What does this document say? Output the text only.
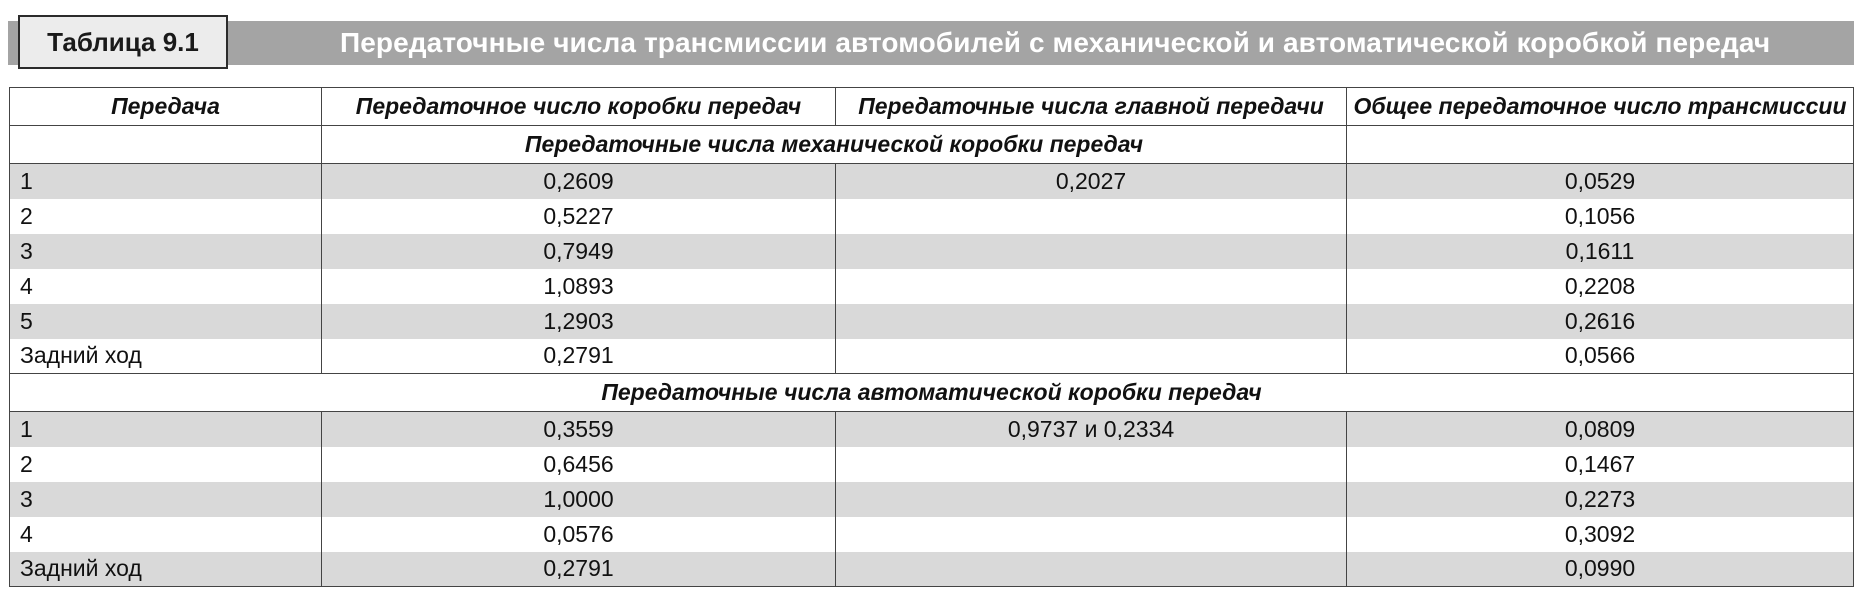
Таблица 9.1	Передаточные числа трансмиссии автомобилей с механической и автоматической коробкой передач
Передача	Передаточное число коробки передач	Передаточные числа главной передачи	Общее передаточное число трансмиссии
	Передаточные числа механической коробки передач		
1	0,2609	0,2027	0,0529
2	0,5227		0,1056
3	0,7949		0,1611
4	1,0893		0,2208
5	1,2903		0,2616
Задний ход	0,2791		0,0566
Передаточные числа автоматической коробки передач			
1	0,3559	0,9737 и 0,2334	0,0809
2	0,6456		0,1467
3	1,0000		0,2273
4	0,0576		0,3092
Задний ход	0,2791		0,0990
